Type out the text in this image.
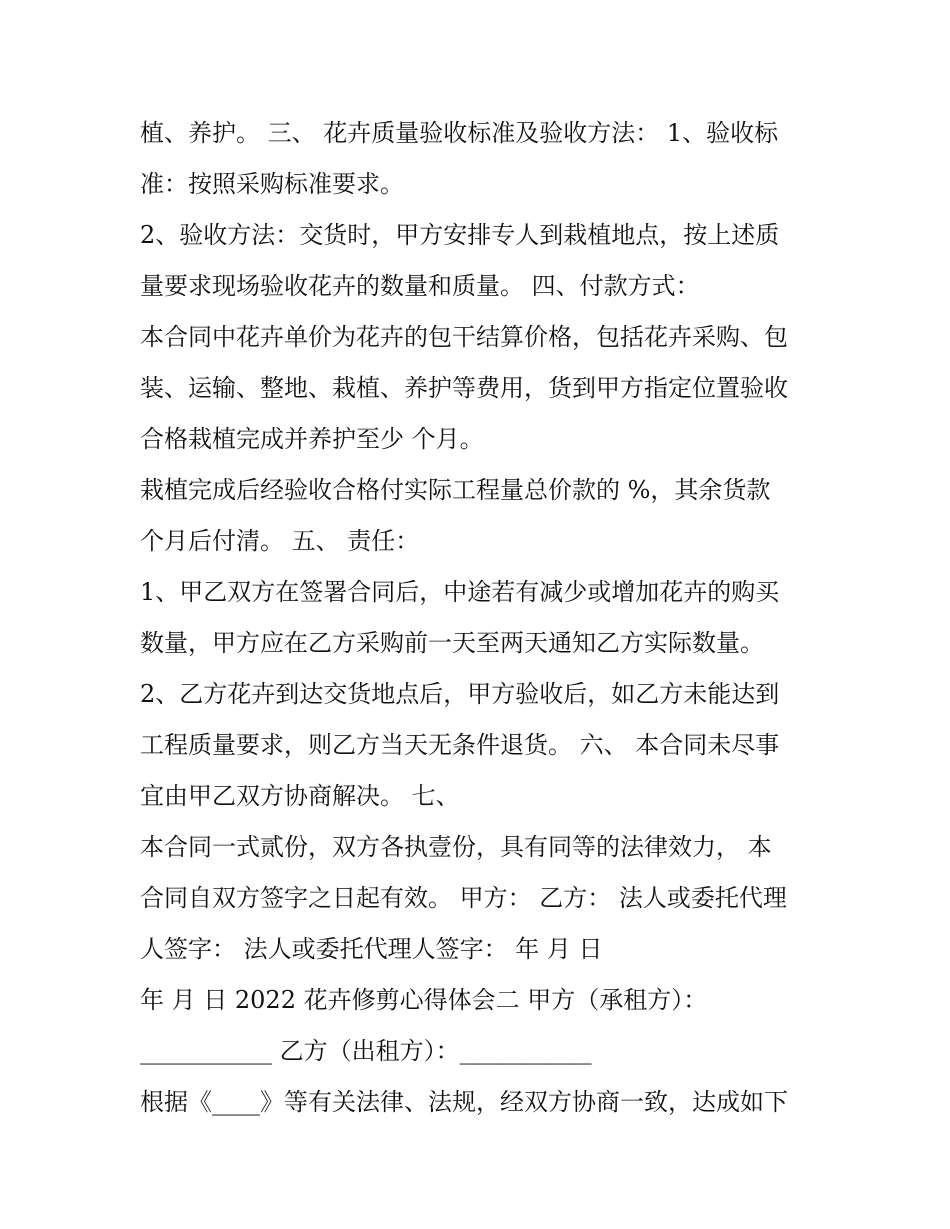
植、养护。 三、 花卉质量验收标准及验收方法： 1、验收标
准：按照采购标准要求。
2、验收方法：交货时，甲方安排专人到栽植地点，按上述质
量要求现场验收花卉的数量和质量。 四、付款方式：
本合同中花卉单价为花卉的包干结算价格，包括花卉采购、包
装、运输、整地、栽植、养护等费用，货到甲方指定位置验收
合格栽植完成并养护至少 个月。
栽植完成后经验收合格付实际工程量总价款的 %，其余货款
个月后付清。 五、 责任：
1、甲乙双方在签署合同后，中途若有减少或增加花卉的购买
数量，甲方应在乙方采购前一天至两天通知乙方实际数量。
2、乙方花卉到达交货地点后，甲方验收后，如乙方未能达到
工程质量要求，则乙方当天无条件退货。 六、 本合同未尽事
宜由甲乙双方协商解决。 七、
本合同一式贰份，双方各执壹份，具有同等的法律效力， 本
合同自双方签字之日起有效。 甲方： 乙方： 法人或委托代理
人签字： 法人或委托代理人签字： 年 月 日
年 月 日 2022 花卉修剪心得体会二 甲方（承租方）：
___________ 乙方（出租方）：___________
根据《____》等有关法律、法规，经双方协商一致，达成如下
